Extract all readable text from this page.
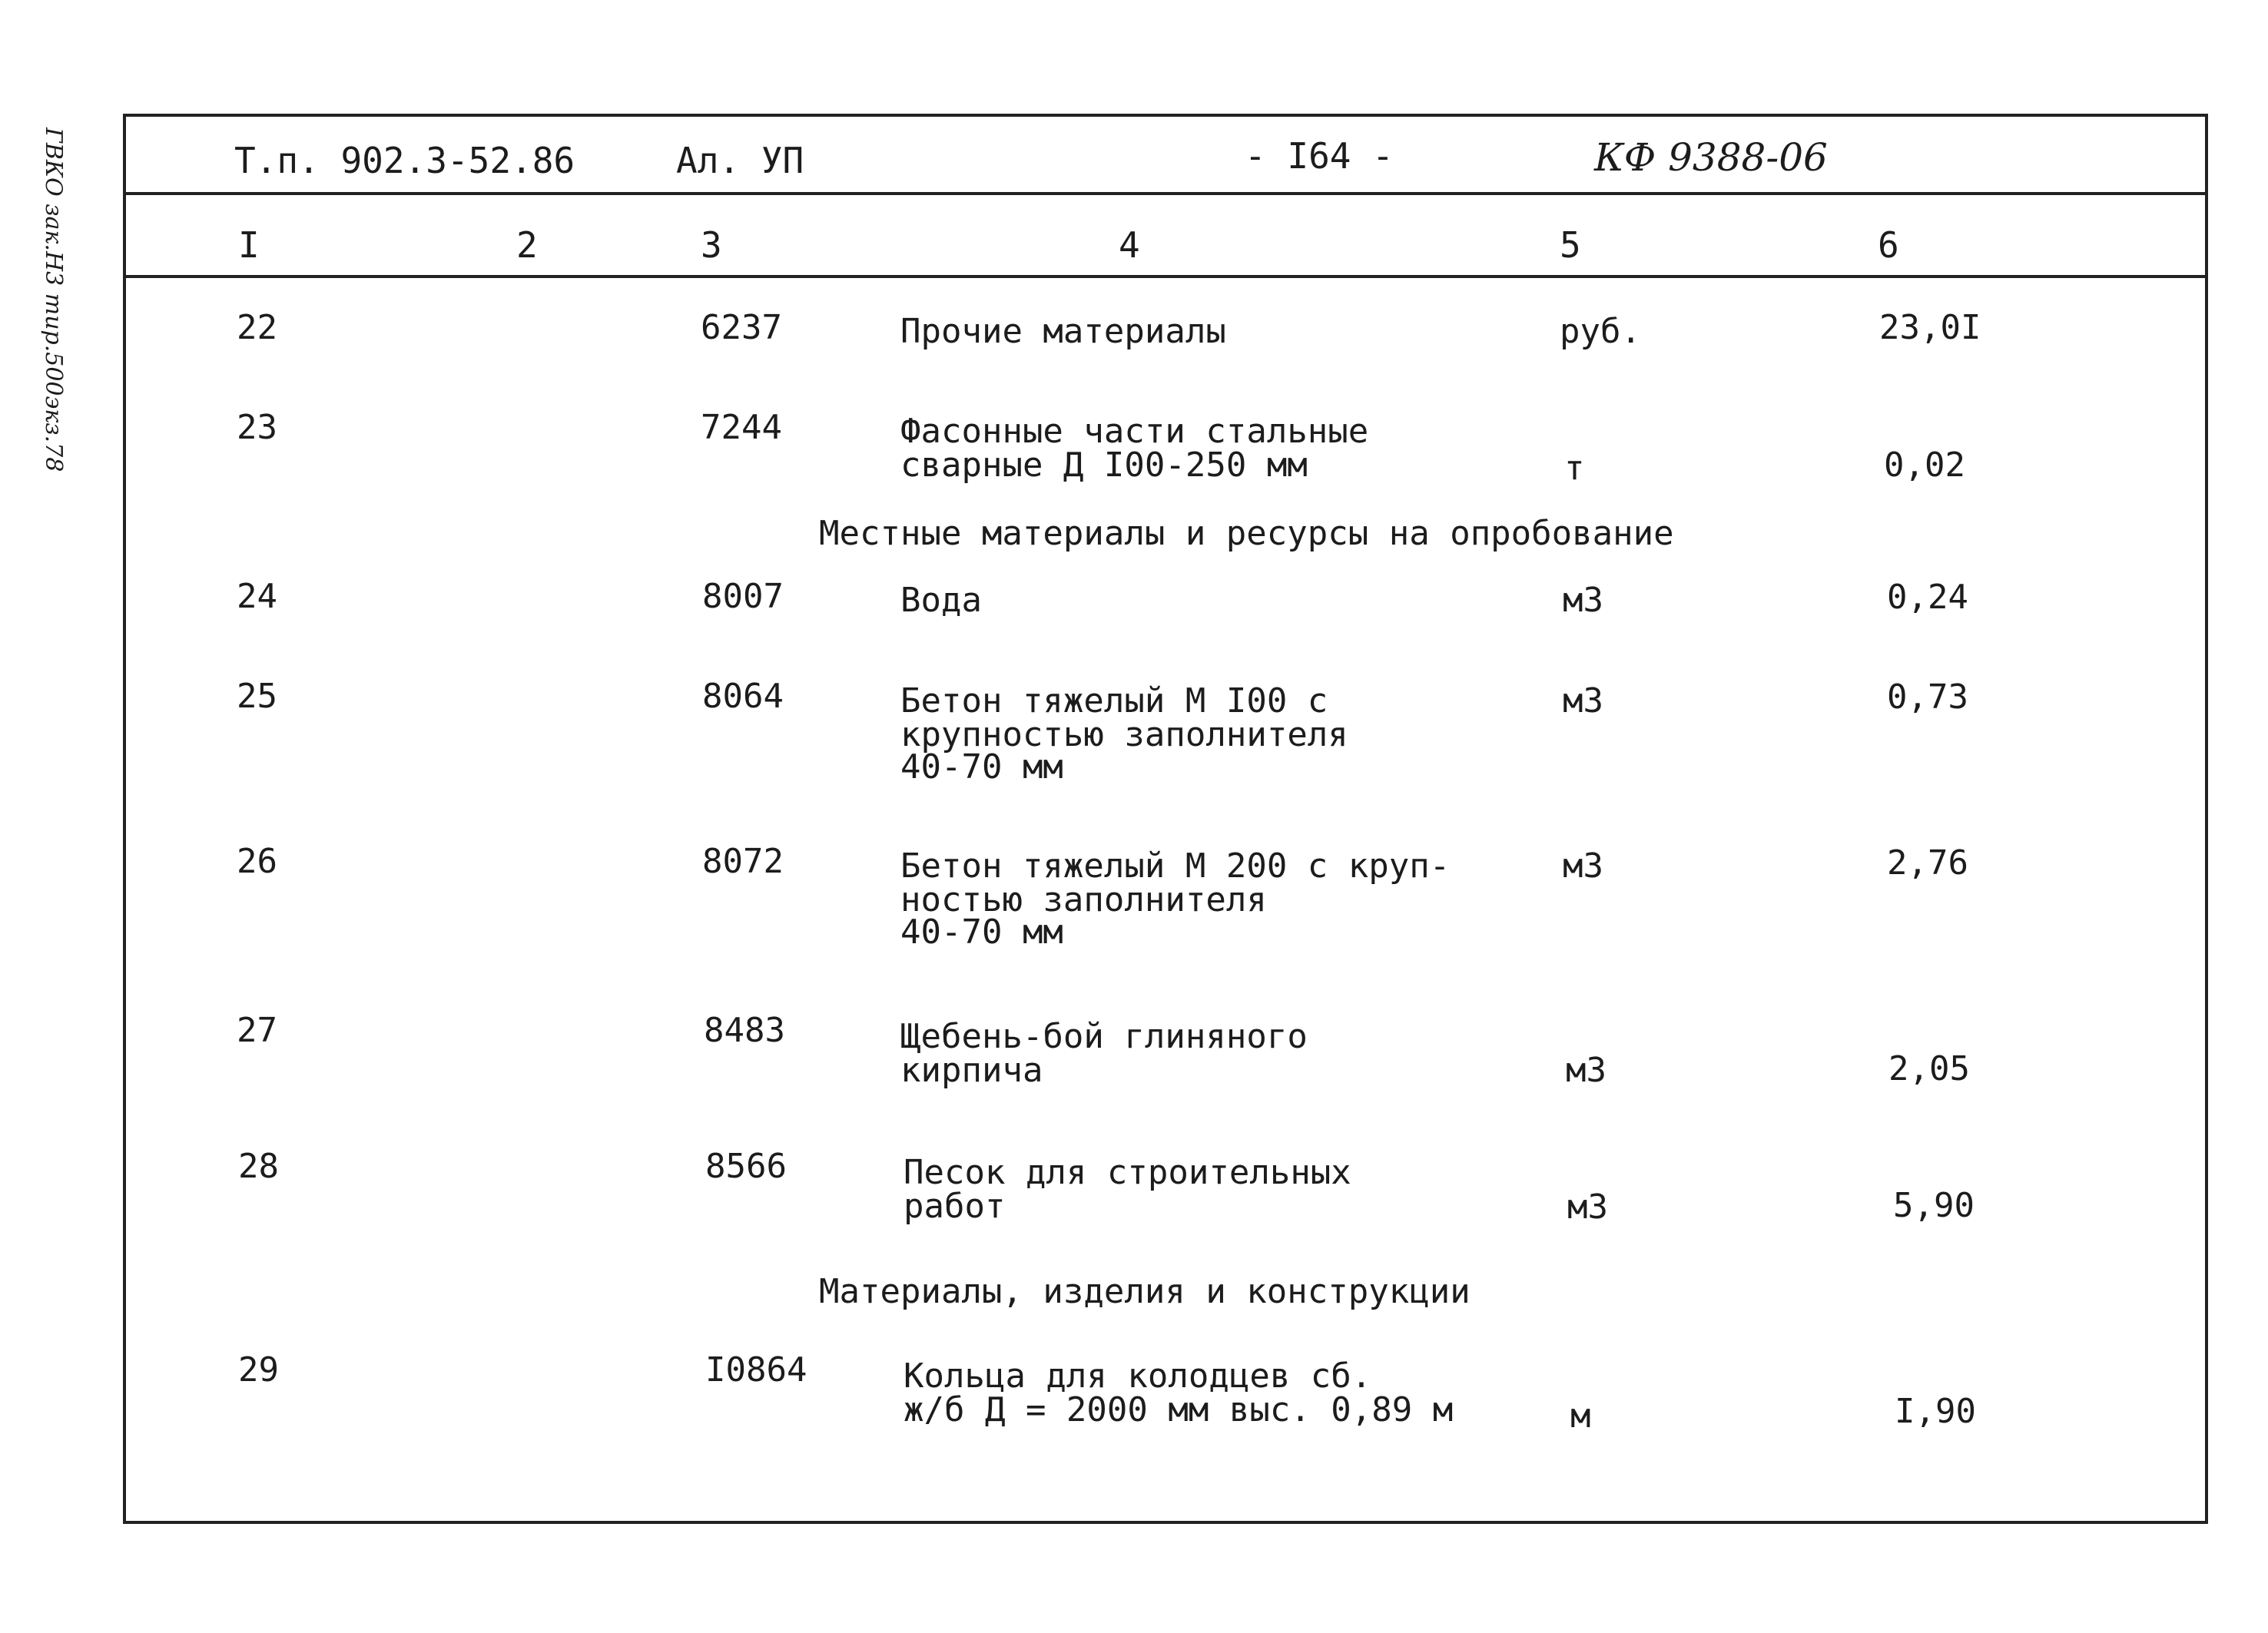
ГВКО зак.Н3 тир.500экз.78	Т.п. 902.3-52.86	Ал. УП	- I64 -	КФ 9388-06
I	2	3	4	5	6
22	6237	Прочие материалы	руб.	23,0I
23	7244	Фасонные части стальные
сварные Д I00-250 мм	т	0,02
Местные материалы и ресурсы на опробование
24	8007	Вода	м3	0,24
25	8064	Бетон тяжелый М I00 с
крупностью заполнителя
40-70 мм
м3	0,73
26	8072	Бетон тяжелый М 200 с круп-
ностью заполнителя
40-70 мм
м3	2,76
27	8483	Щебень-бой глиняного
кирпича	м3	2,05
28	8566	Песок для строительных
работ	м3	5,90
Материалы, изделия и конструкции
29	I0864	Кольца для колодцев сб.
ж/б Д = 2000 мм выс. 0,89 м	м	I,90
